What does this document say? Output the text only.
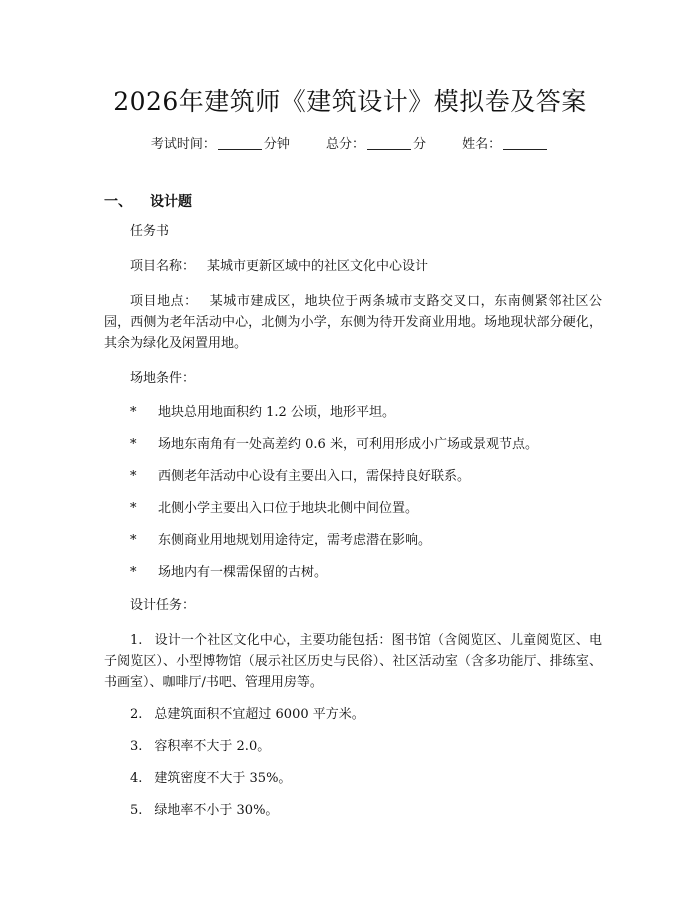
2026年建筑师《建筑设计》模拟卷及答案
考试时间：	分钟	总分：	分	姓名：
一、 设计题
任务书
项目名称： 某城市更新区域中的社区文化中心设计
项目地点： 某城市建成区，地块位于两条城市支路交叉口，东南侧紧邻社区公园，西侧为老年活动中心，北侧为小学，东侧为待开发商业用地。场地现状部分硬化，其余为绿化及闲置用地。
场地条件：
* 地块总用地面积约 1.2 公顷，地形平坦。
* 场地东南角有一处高差约 0.6 米，可利用形成小广场或景观节点。
* 西侧老年活动中心设有主要出入口，需保持良好联系。
* 北侧小学主要出入口位于地块北侧中间位置。
* 东侧商业用地规划用途待定，需考虑潜在影响。
* 场地内有一棵需保留的古树。
设计任务：
1. 设计一个社区文化中心，主要功能包括：图书馆（含阅览区、儿童阅览区、电子阅览区）、小型博物馆（展示社区历史与民俗）、社区活动室（含多功能厅、排练室、书画室）、咖啡厅/书吧、管理用房等。
2. 总建筑面积不宜超过 6000 平方米。
3. 容积率不大于 2.0。
4. 建筑密度不大于 35%。
5. 绿地率不小于 30%。
